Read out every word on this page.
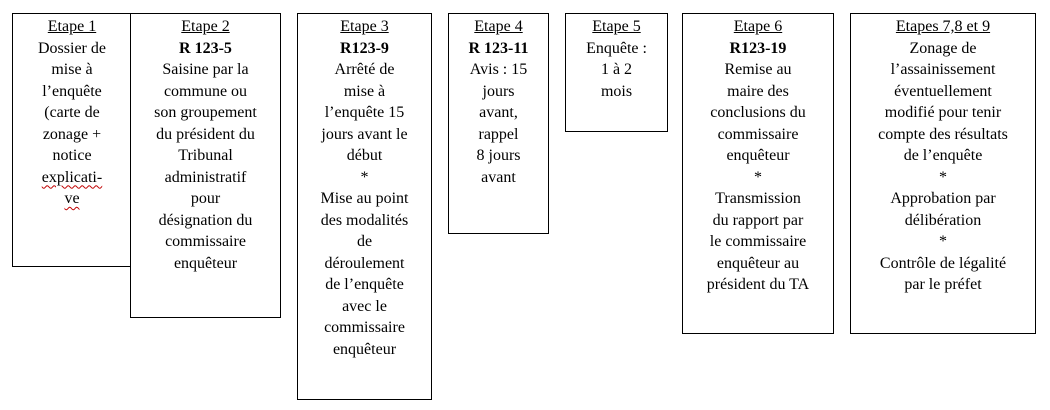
Etape 1
Dossier de
mise à
l’enquête
(carte de
zonage +
notice
explicati-
ve
Etape 2
R 123-5
Saisine par la
commune ou
son groupement
du président du
Tribunal
administratif
pour
désignation du
commissaire
enquêteur
Etape 3
R123-9
Arrêté de
mise à
l’enquête 15
jours avant le
début
*
Mise au point
des modalités
de
déroulement
de l’enquête
avec le
commissaire
enquêteur
Etape 4
R 123-11
Avis : 15
jours
avant,
rappel
8 jours
avant
Etape 5
Enquête :
1 à 2
mois
Etape 6
R123-19
Remise au
maire des
conclusions du
commissaire
enquêteur
*
Transmission
du rapport par
le commissaire
enquêteur au
président du TA
Etapes 7,8 et 9
Zonage de
l’assainissement
éventuellement
modifié pour tenir
compte des résultats
de l’enquête
*
Approbation par
délibération
*
Contrôle de légalité
par le préfet
